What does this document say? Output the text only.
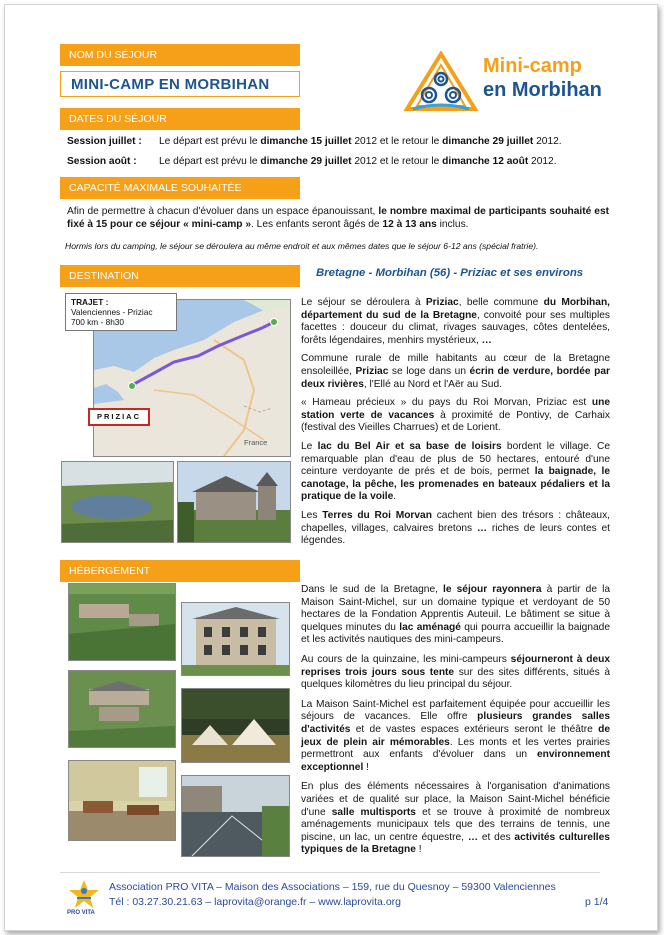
NOM DU SÉJOUR
MINI-CAMP EN MORBIHAN
Mini-camp
en Morbihan
DATES DU SÉJOUR
Session juillet : Le départ est prévu le dimanche 15 juillet 2012 et le retour le dimanche 29 juillet 2012.
Session août : Le départ est prévu le dimanche 29 juillet 2012 et le retour le dimanche 12 août 2012.
CAPACITÉ MAXIMALE SOUHAITÉE
Afin de permettre à chacun d'évoluer dans un espace épanouissant, le nombre maximal de participants souhaité est fixé à 15 pour ce séjour « mini-camp ». Les enfants seront âgés de 12 à 13 ans inclus.
Hormis lors du camping, le séjour se déroulera au même endroit et aux mêmes dates que le séjour 6-12 ans (spécial fratrie).
DESTINATION	Bretagne - Morbihan (56) - Priziac et ses environs
France
TRAJET :
Valenciennes - Priziac
700 km - 8h30
PRIZIAC
Le séjour se déroulera à Priziac, belle commune du Morbihan, département du sud de la Bretagne, convoité pour ses multiples facettes : douceur du climat, rivages sauvages, côtes dentelées, forêts légendaires, menhirs mystérieux, …
Commune rurale de mille habitants au cœur de la Bretagne ensoleillée, Priziac se loge dans un écrin de verdure, bordée par deux rivières, l'Ellé au Nord et l'Aër au Sud.
« Hameau précieux » du pays du Roi Morvan, Priziac est une station verte de vacances à proximité de Pontivy, de Carhaix (festival des Vieilles Charrues) et de Lorient.
Le lac du Bel Air et sa base de loisirs bordent le village. Ce remarquable plan d'eau de plus de 50 hectares, entouré d'une ceinture verdoyante de prés et de bois, permet la baignade, le canotage, la pêche, les promenades en bateaux pédaliers et la pratique de la voile.
Les Terres du Roi Morvan cachent bien des trésors : châteaux, chapelles, villages, calvaires bretons … riches de leurs contes et légendes.
HÉBERGEMENT
Dans le sud de la Bretagne, le séjour rayonnera à partir de la Maison Saint-Michel, sur un domaine typique et verdoyant de 50 hectares de la Fondation Apprentis Auteuil. Le bâtiment se situe à quelques minutes du lac aménagé qui pourra accueillir la baignade et les activités nautiques des mini-campeurs.
Au cours de la quinzaine, les mini-campeurs séjourneront à deux reprises trois jours sous tente sur des sites différents, situés à quelques kilomètres du lieu principal du séjour.
La Maison Saint-Michel est parfaitement équipée pour accueillir les séjours de vacances. Elle offre plusieurs grandes salles d'activités et de vastes espaces extérieurs seront le théâtre de jeux de plein air mémorables. Les monts et les vertes prairies permettront aux enfants d'évoluer dans un environnement exceptionnel !
En plus des éléments nécessaires à l'organisation d'animations variées et de qualité sur place, la Maison Saint-Michel bénéficie d'une salle multisports et se trouve à proximité de nombreux aménagements municipaux tels que des terrains de tennis, une piscine, un lac, un centre équestre, … et des activités culturelles typiques de la Bretagne !
PRO VITA
Association PRO VITA – Maison des Associations – 159, rue du Quesnoy – 59300 Valenciennes
Tél : 03.27.30.21.63 – laprovita@orange.fr – www.laprovita.org	p 1/4
